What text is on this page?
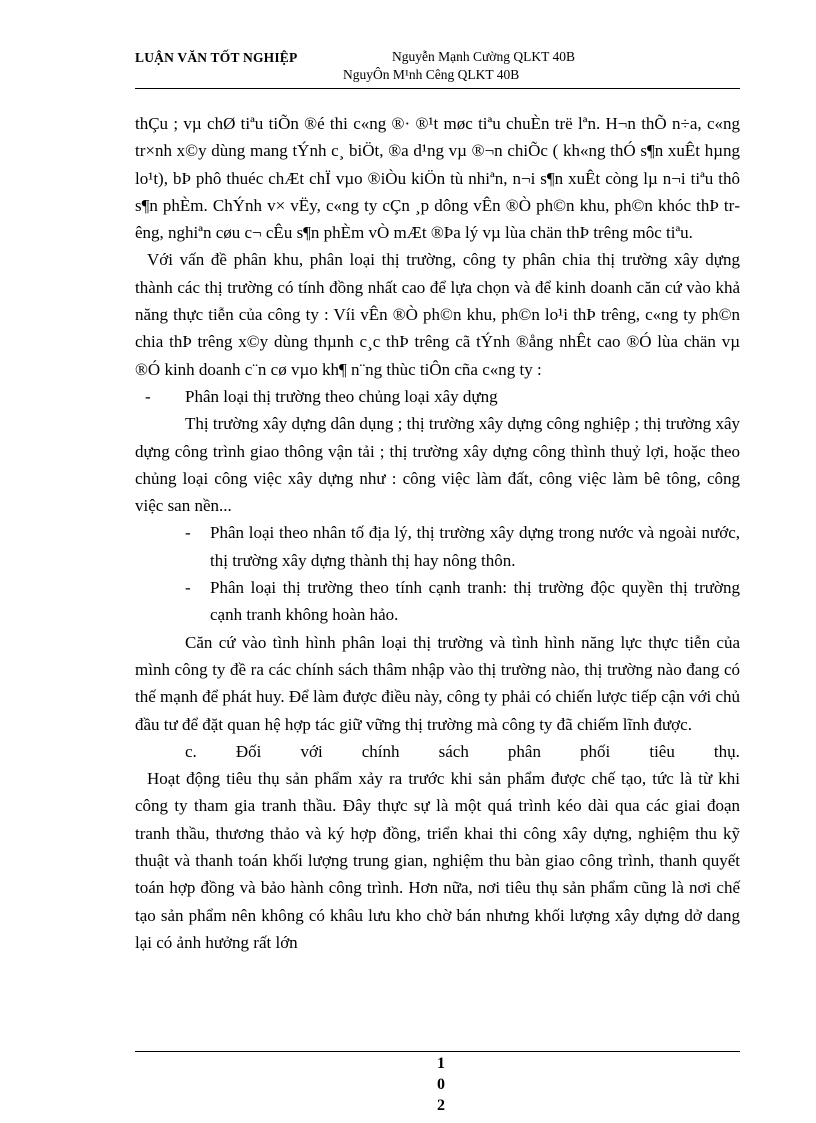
LUẬN VĂN TỐT NGHIỆP	Nguyễn Mạnh Cường QLKT 40B
NguyÔn M¹nh Cêng QLKT 40B

thÇu ; vµ chØ tiªu tiÕn ®é thi c«ng ®· ®¹t møc tiªu chuÈn trë lªn. H¬n thÕ n÷a, c«ng tr×nh x©y dùng mang tÝnh c¸ biÖt, ®a d¹ng vµ ®¬n chiÕc ( kh«ng thÓ s¶n xuÊt hµng lo¹t), bÞ phô thuéc chÆt chÏ vµo ®iÒu kiÖn tù nhiªn, n¬i s¶n xuÊt còng lµ n¬i tiªu thô s¶n phÈm. ChÝnh v× vËy, c«ng ty cÇn ¸p dông vÊn ®Ò ph©n khu, ph©n khóc thÞ trêng, nghiªn cøu c¬ cÊu s¶n phÈm vÒ mÆt ®Þa lý vµ lùa chän thÞ trêng môc tiªu.

Với vấn đề phân khu, phân loại thị trường, công ty phân chia thị trường xây dựng thành các thị trường có tính đồng nhất cao để lựa chọn và để kinh doanh căn cứ vào khả năng thực tiễn của công ty : Víi vÊn ®Ò ph©n khu, ph©n lo¹i thÞ trêng, c«ng ty ph©n chia thÞ trêng x©y dùng thµnh c¸c thÞ trêng cã tÝnh ®ång nhÊt cao ®Ó lùa chän vµ ®Ó kinh doanh c¨n cø vµo kh¶ n¨ng thùc tiÔn cña c«ng ty :

- Phân loại thị trường theo chủng loại xây dựng

Thị trường xây dựng dân dụng ; thị trường xây dựng công nghiệp ; thị trường xây dựng công trình giao thông vận tải ; thị trường xây dựng công thình thuỷ lợi, hoặc theo chủng loại công việc xây dựng như : công việc làm đất, công việc làm bê tông, công việc san nền...

- Phân loại theo nhân tố địa lý, thị trường xây dựng trong nước và ngoài nước, thị trường xây dựng thành thị hay nông thôn.

- Phân loại thị trường theo tính cạnh tranh: thị trường độc quyền thị trường cạnh tranh không hoàn hảo.

Căn cứ vào tình hình phân loại thị trường và tình hình năng lực thực tiễn của mình công ty đề ra các chính sách thâm nhập vào thị trường nào, thị trường nào đang có thế mạnh để phát huy. Để làm được điều này, công ty phải có chiến lược tiếp cận với chủ đầu tư để đặt quan hệ hợp tác giữ vững thị trường mà công ty đã chiếm lĩnh được.

c. Đối với chính sách phân phối tiêu thụ.

Hoạt động tiêu thụ sản phẩm xảy ra trước khi sản phẩm được chế tạo, tức là từ khi công ty tham gia tranh thầu. Đây thực sự là một quá trình kéo dài qua các giai đoạn tranh thầu, thương thảo và ký hợp đồng, triển khai thi công xây dựng, nghiệm thu kỹ thuật và thanh toán khối lượng trung gian, nghiệm thu bàn giao công trình, thanh quyết toán hợp đồng và bảo hành công trình. Hơn nữa, nơi tiêu thụ sản phẩm cũng là nơi chế tạo sản phẩm nên không có khâu lưu kho chờ bán nhưng khối lượng xây dựng dở dang lại có ảnh hưởng rất lớn

1
0
2
